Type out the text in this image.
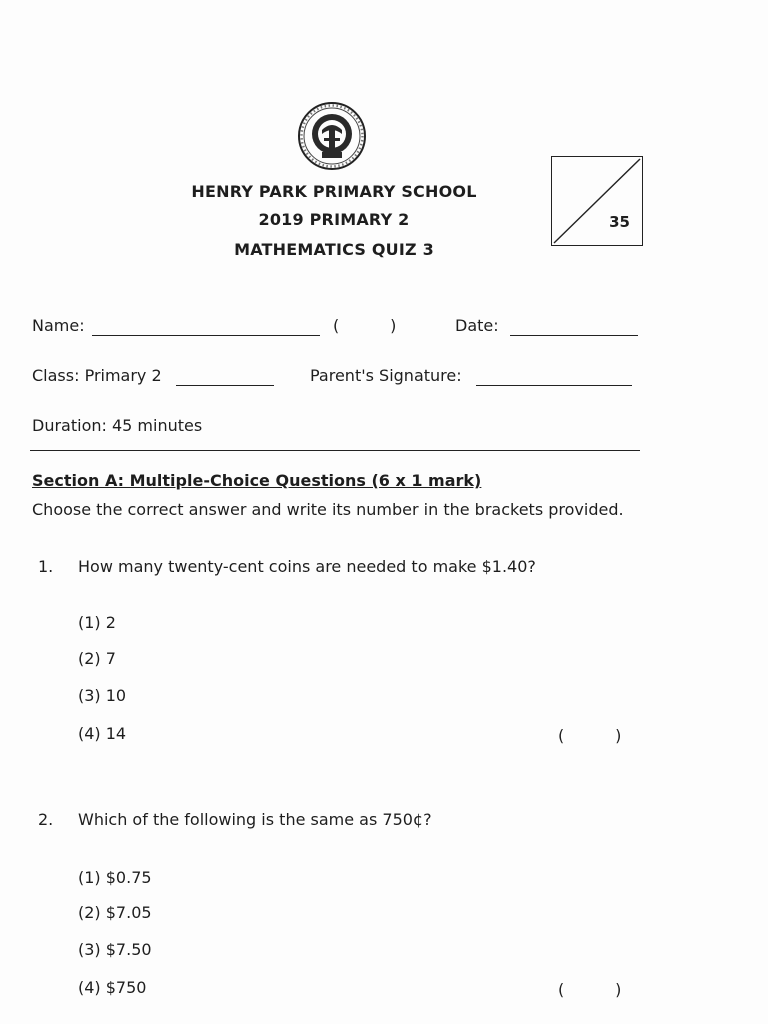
HENRY PARK PRIMARY SCHOOL
2019 PRIMARY 2
MATHEMATICS QUIZ 3
35
Name:	(          )	Date:
Class: Primary 2	Parent's Signature:
Duration: 45 minutes
Section A: Multiple-Choice Questions (6 x 1 mark)
Choose the correct answer and write its number in the brackets provided.
1. How many twenty-cent coins are needed to make $1.40?
(1) 2
(2) 7
(3) 10
(4) 14	(          )
2. Which of the following is the same as 750¢?
(1) $0.75
(2) $7.05
(3) $7.50
(4) $750	(          )
